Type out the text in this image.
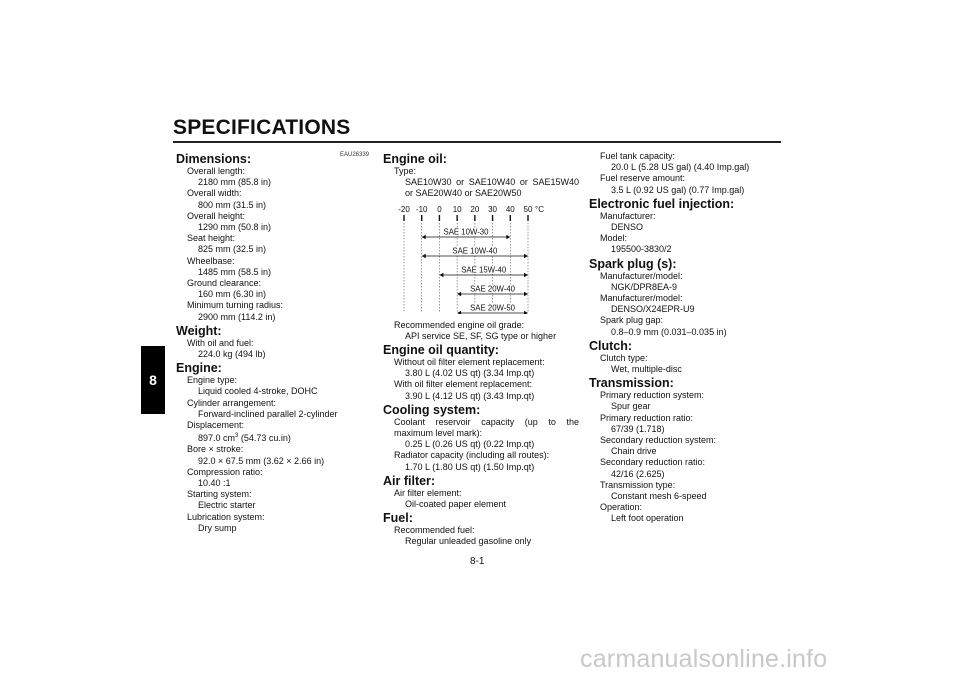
SPECIFICATIONS
8
EAU26339
Dimensions:
Overall length:
2180 mm (85.8 in)
Overall width:
800 mm (31.5 in)
Overall height:
1290 mm (50.8 in)
Seat height:
825 mm (32.5 in)
Wheelbase:
1485 mm (58.5 in)
Ground clearance:
160 mm (6.30 in)
Minimum turning radius:
2900 mm (114.2 in)
Weight:
With oil and fuel:
224.0 kg (494 lb)
Engine:
Engine type:
Liquid cooled 4-stroke, DOHC
Cylinder arrangement:
Forward-inclined parallel 2-cylinder
Displacement:
897.0 $cm^3$ (54.73 cu.in)
Bore × stroke:
92.0 × 67.5 mm (3.62 × 2.66 in)
Compression ratio:
10.40 :1
Starting system:
Electric starter
Lubrication system:
Dry sump
Engine oil:
Type:
SAE10W30 or SAE10W40 or SAE15W40 or SAE20W40 or SAE20W50
-20 -10 0 10 20 30 40 50 °C
SAE 10W-30
SAE 10W-40
SAE 15W-40
SAE 20W-40
SAE 20W-50
Recommended engine oil grade:
API service SE, SF, SG type or higher
Engine oil quantity:
Without oil filter element replacement:
3.80 L (4.02 US qt) (3.34 Imp.qt)
With oil filter element replacement:
3.90 L (4.12 US qt) (3.43 Imp.qt)
Cooling system:
Coolant reservoir capacity (up to the maximum level mark):
0.25 L (0.26 US qt) (0.22 Imp.qt)
Radiator capacity (including all routes):
1.70 L (1.80 US qt) (1.50 Imp.qt)
Air filter:
Air filter element:
Oil-coated paper element
Fuel:
Recommended fuel:
Regular unleaded gasoline only
Fuel tank capacity:
20.0 L (5.28 US gal) (4.40 Imp.gal)
Fuel reserve amount:
3.5 L (0.92 US gal) (0.77 Imp.gal)
Electronic fuel injection:
Manufacturer:
DENSO
Model:
195500-3830/2
Spark plug (s):
Manufacturer/model:
NGK/DPR8EA-9
Manufacturer/model:
DENSO/X24EPR-U9
Spark plug gap:
0.8–0.9 mm (0.031–0.035 in)
Clutch:
Clutch type:
Wet, multiple-disc
Transmission:
Primary reduction system:
Spur gear
Primary reduction ratio:
67/39 (1.718)
Secondary reduction system:
Chain drive
Secondary reduction ratio:
42/16 (2.625)
Transmission type:
Constant mesh 6-speed
Operation:
Left foot operation
8-1
carmanualsonline.info
